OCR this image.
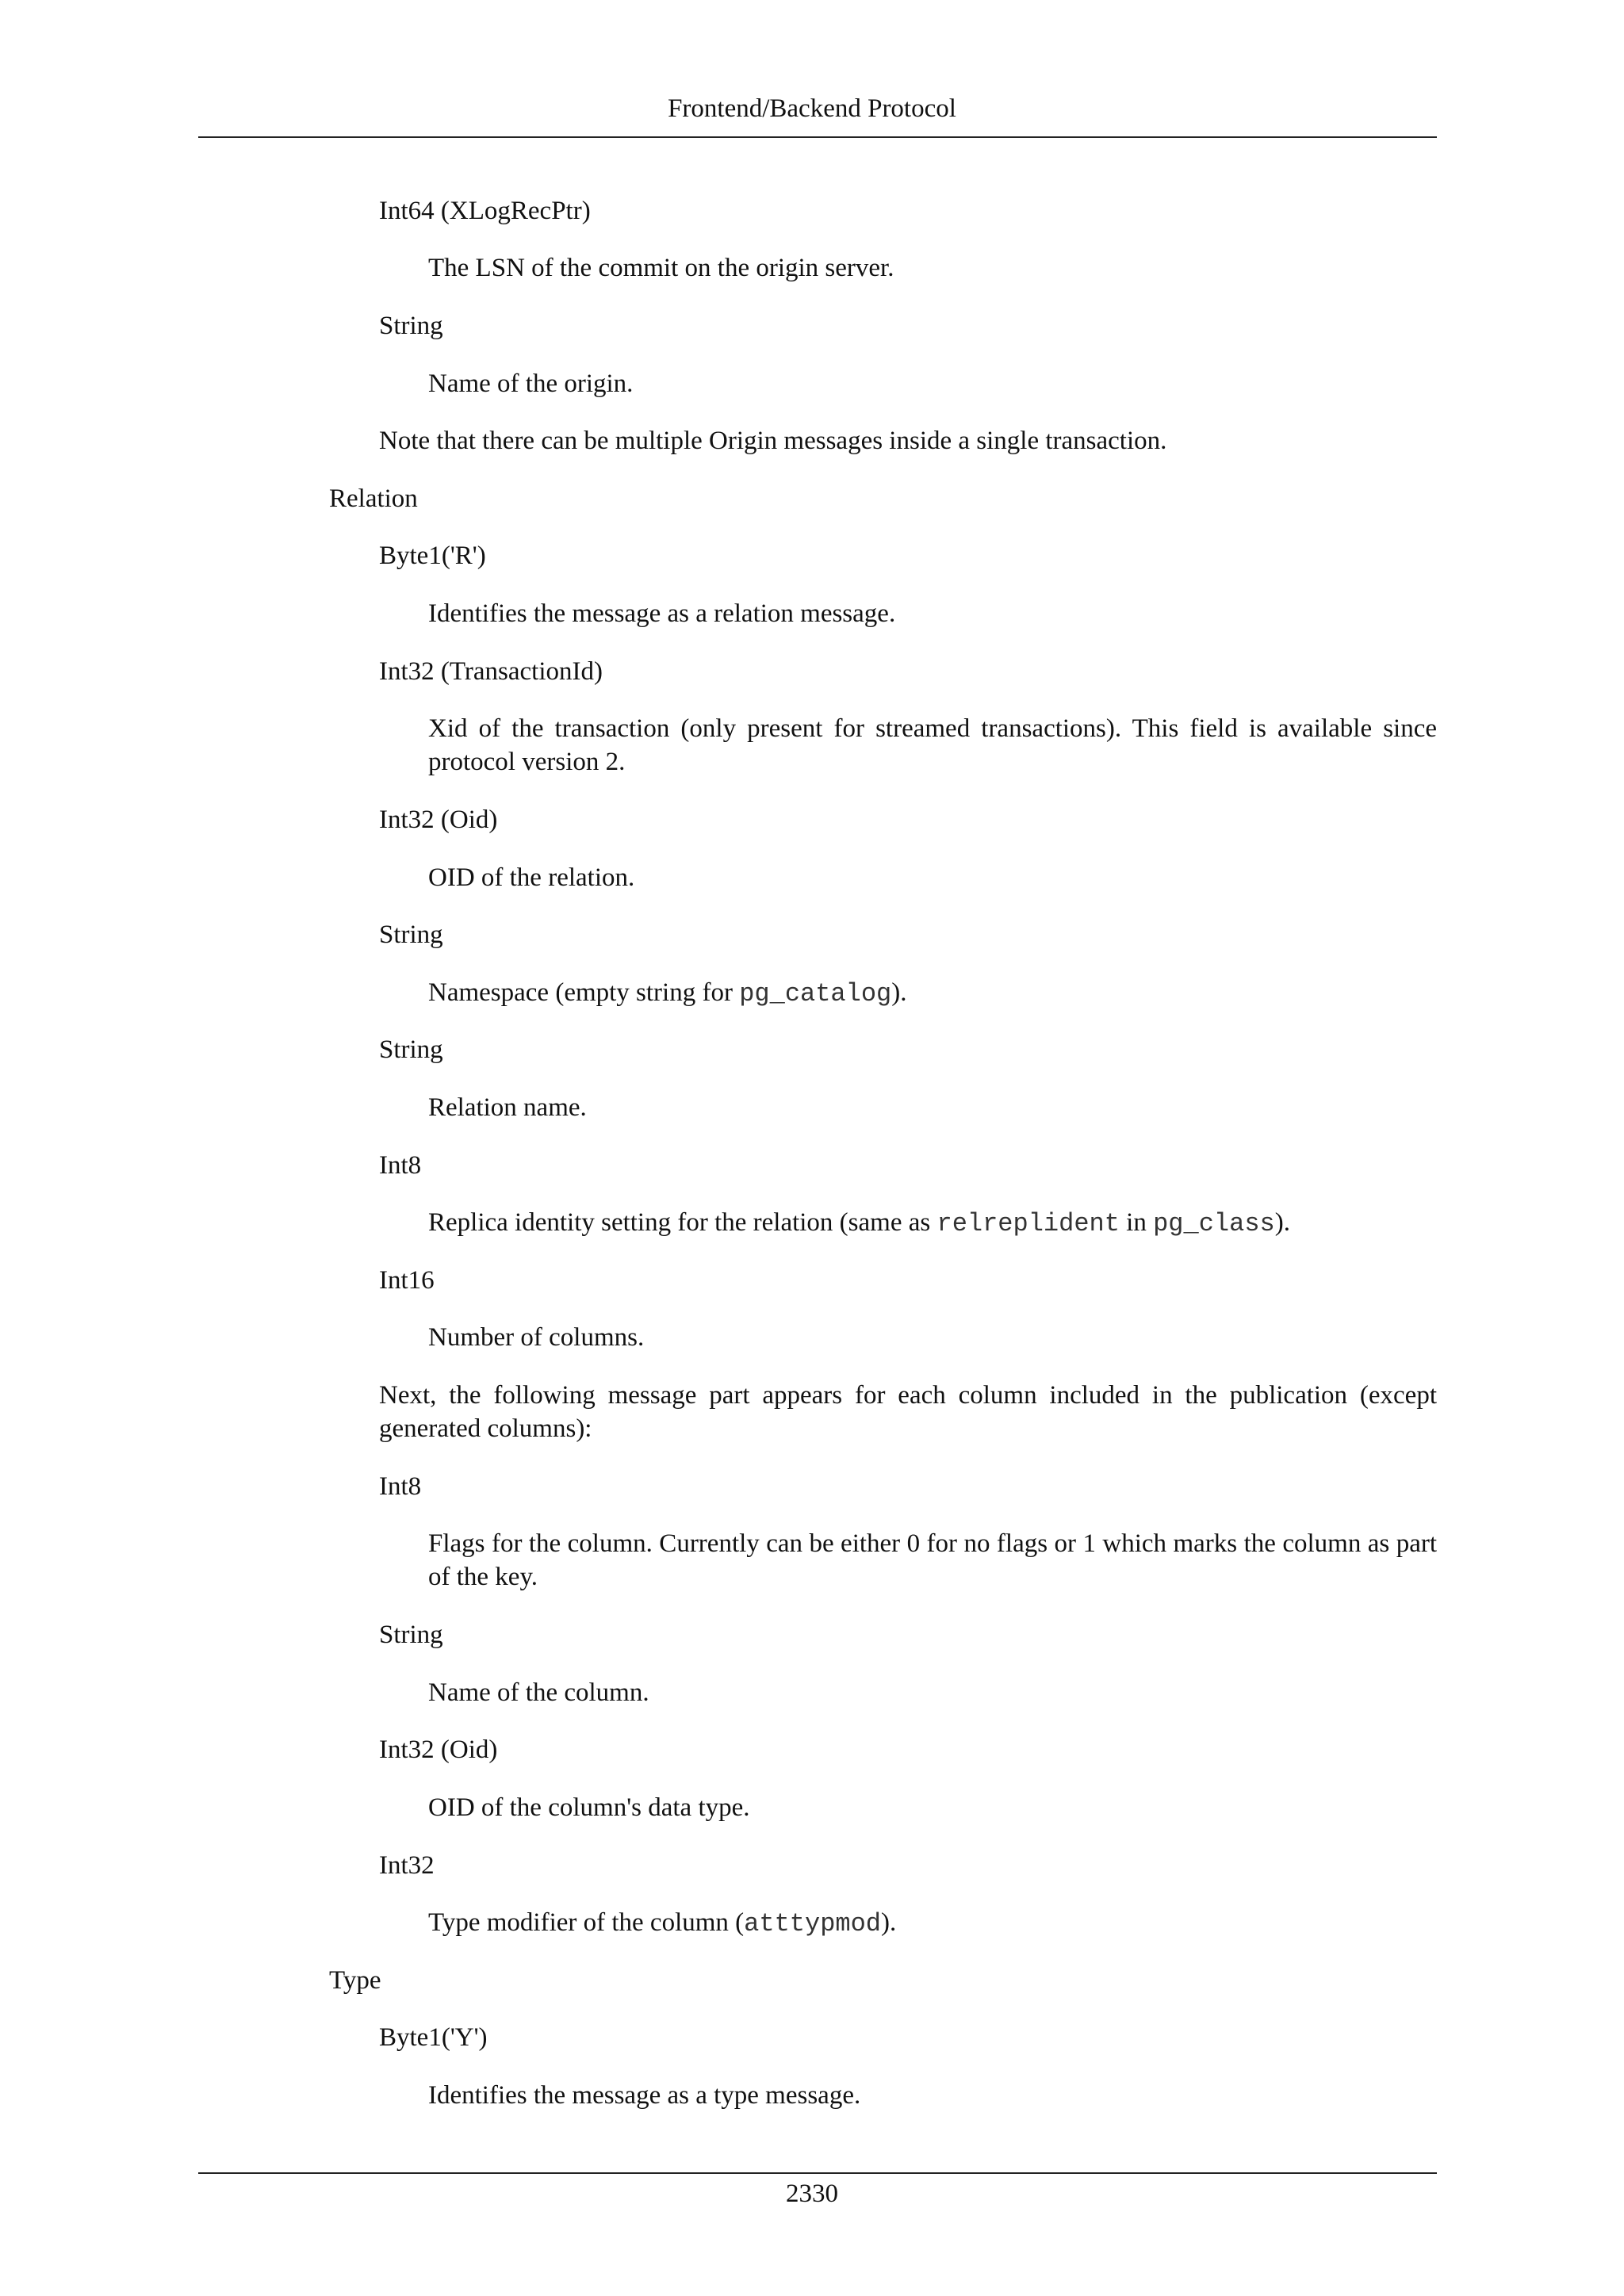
Frontend/Backend Protocol
Int64 (XLogRecPtr)
The LSN of the commit on the origin server.
String
Name of the origin.
Note that there can be multiple Origin messages inside a single transaction.
Relation
Byte1('R')
Identifies the message as a relation message.
Int32 (TransactionId)
Xid of the transaction (only present for streamed transactions). This field is available since protocol version 2.
Int32 (Oid)
OID of the relation.
String
Namespace (empty string for pg_catalog).
String
Relation name.
Int8
Replica identity setting for the relation (same as relreplident in pg_class).
Int16
Number of columns.
Next, the following message part appears for each column included in the publication (except generated columns):
Int8
Flags for the column. Currently can be either 0 for no flags or 1 which marks the column as part of the key.
String
Name of the column.
Int32 (Oid)
OID of the column's data type.
Int32
Type modifier of the column (atttypmod).
Type
Byte1('Y')
Identifies the message as a type message.
2330
